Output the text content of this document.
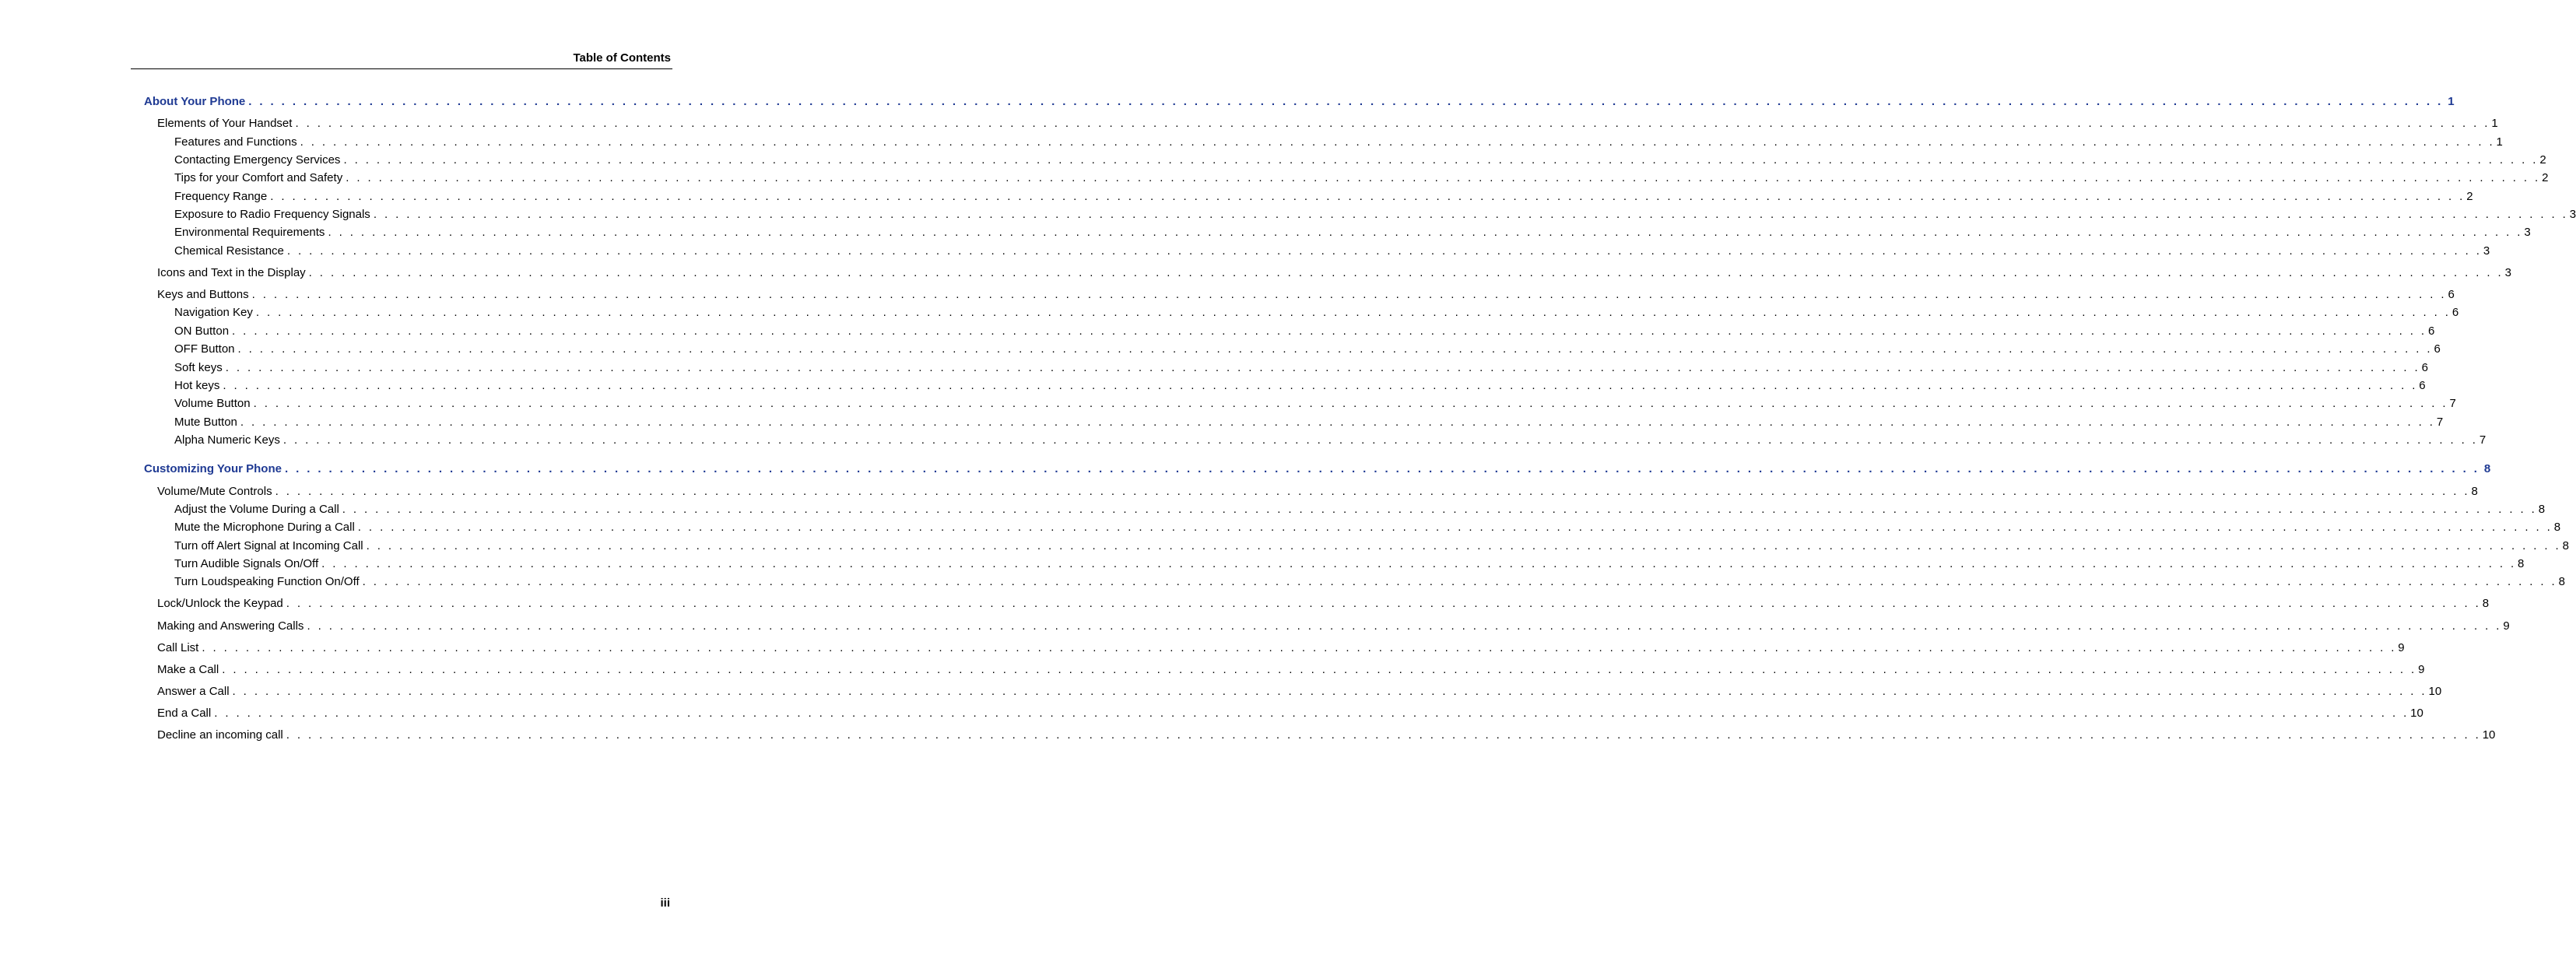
Table of Contents
About Your Phone . . . . . . . . . . . . . . . . . . . . . . . . . . . . . . . . . . . . . . . . . . . . . . . . . . . . . . . . . . . . . . . . . . . . . . . . . . . . . . . . . . . . . . . . . . . . . . . . . . . . . . . . . . . . . . . . . . . . . . . . . . . . . . . . . . . . . . . . . . . . . . . . . . . . . . . . . . . . . . . . . . . . . . . . . . . . . . . . . . . . . . . . . . . . . . . . . . . . . . . . 1
Elements of Your Handset . . . . . . . . . . . . . . . . . . . . . . . . . . . . . . . . . . . . . . . . . . . . . . . . . . . . . . . . . . . . . . . . . . . . . . . . . . . . . . . . . . . . . . . . . . . . . . . . . . . . . . . . . . . . . . . . . . . . . . . . . . . . . . . . . . . . . . . . . . . . . . . . . . . . . . . . . . . . . . . . . . . . . . . . . . . . . . . . . . . . . . . . . . . . . . . . . . . . . . . . 1
Features and Functions . . . . . . . . . . . . . . . . . . . . . . . . . . . . . . . . . . . . . . . . . . . . . . . . . . . . . . . . . . . . . . . . . . . . . . . . . . . . . . . . . . . . . . . . . . . . . . . . . . . . . . . . . . . . . . . . . . . . . . . . . . . . . . . . . . . . . . . . . . . . . . . . . . . . . . . . . . . . . . . . . . . . . . . . . . . . . . . . . . . . . . . . . . . . . . . . . . . . . . . . 1
Contacting Emergency Services . . . . . . . . . . . . . . . . . . . . . . . . . . . . . . . . . . . . . . . . . . . . . . . . . . . . . . . . . . . . . . . . . . . . . . . . . . . . . . . . . . . . . . . . . . . . . . . . . . . . . . . . . . . . . . . . . . . . . . . . . . . . . . . . . . . . . . . . . . . . . . . . . . . . . . . . . . . . . . . . . . . . . . . . . . . . . . . . . . . . . . . . . . . . . . . . . . . . . . . . 2
Tips for your Comfort and Safety . . . . . . . . . . . . . . . . . . . . . . . . . . . . . . . . . . . . . . . . . . . . . . . . . . . . . . . . . . . . . . . . . . . . . . . . . . . . . . . . . . . . . . . . . . . . . . . . . . . . . . . . . . . . . . . . . . . . . . . . . . . . . . . . . . . . . . . . . . . . . . . . . . . . . . . . . . . . . . . . . . . . . . . . . . . . . . . . . . . . . . . . . . . . . . . . . . . . . . . . 2
Frequency Range . . . . . . . . . . . . . . . . . . . . . . . . . . . . . . . . . . . . . . . . . . . . . . . . . . . . . . . . . . . . . . . . . . . . . . . . . . . . . . . . . . . . . . . . . . . . . . . . . . . . . . . . . . . . . . . . . . . . . . . . . . . . . . . . . . . . . . . . . . . . . . . . . . . . . . . . . . . . . . . . . . . . . . . . . . . . . . . . . . . . . . . . . . . . . . . . . . . . . . . . 2
Exposure to Radio Frequency Signals . . . . . . . . . . . . . . . . . . . . . . . . . . . . . . . . . . . . . . . . . . . . . . . . . . . . . . . . . . . . . . . . . . . . . . . . . . . . . . . . . . . . . . . . . . . . . . . . . . . . . . . . . . . . . . . . . . . . . . . . . . . . . . . . . . . . . . . . . . . . . . . . . . . . . . . . . . . . . . . . . . . . . . . . . . . . . . . . . . . . . . . . . . . . . . . . . . . . . . . . 3
Environmental Requirements . . . . . . . . . . . . . . . . . . . . . . . . . . . . . . . . . . . . . . . . . . . . . . . . . . . . . . . . . . . . . . . . . . . . . . . . . . . . . . . . . . . . . . . . . . . . . . . . . . . . . . . . . . . . . . . . . . . . . . . . . . . . . . . . . . . . . . . . . . . . . . . . . . . . . . . . . . . . . . . . . . . . . . . . . . . . . . . . . . . . . . . . . . . . . . . . . . . . . . . . 3
Chemical Resistance . . . . . . . . . . . . . . . . . . . . . . . . . . . . . . . . . . . . . . . . . . . . . . . . . . . . . . . . . . . . . . . . . . . . . . . . . . . . . . . . . . . . . . . . . . . . . . . . . . . . . . . . . . . . . . . . . . . . . . . . . . . . . . . . . . . . . . . . . . . . . . . . . . . . . . . . . . . . . . . . . . . . . . . . . . . . . . . . . . . . . . . . . . . . . . . . . . . . . . . . 3
Icons and Text in the Display . . . . . . . . . . . . . . . . . . . . . . . . . . . . . . . . . . . . . . . . . . . . . . . . . . . . . . . . . . . . . . . . . . . . . . . . . . . . . . . . . . . . . . . . . . . . . . . . . . . . . . . . . . . . . . . . . . . . . . . . . . . . . . . . . . . . . . . . . . . . . . . . . . . . . . . . . . . . . . . . . . . . . . . . . . . . . . . . . . . . . . . . . . . . . . . . . . . . . . . . 3
Keys and Buttons . . . . . . . . . . . . . . . . . . . . . . . . . . . . . . . . . . . . . . . . . . . . . . . . . . . . . . . . . . . . . . . . . . . . . . . . . . . . . . . . . . . . . . . . . . . . . . . . . . . . . . . . . . . . . . . . . . . . . . . . . . . . . . . . . . . . . . . . . . . . . . . . . . . . . . . . . . . . . . . . . . . . . . . . . . . . . . . . . . . . . . . . . . . . . . . . . . . . . . . . 6
Navigation Key . . . . . . . . . . . . . . . . . . . . . . . . . . . . . . . . . . . . . . . . . . . . . . . . . . . . . . . . . . . . . . . . . . . . . . . . . . . . . . . . . . . . . . . . . . . . . . . . . . . . . . . . . . . . . . . . . . . . . . . . . . . . . . . . . . . . . . . . . . . . . . . . . . . . . . . . . . . . . . . . . . . . . . . . . . . . . . . . . . . . . . . . . . . . . . . . . . . . . . . . 6
ON Button . . . . . . . . . . . . . . . . . . . . . . . . . . . . . . . . . . . . . . . . . . . . . . . . . . . . . . . . . . . . . . . . . . . . . . . . . . . . . . . . . . . . . . . . . . . . . . . . . . . . . . . . . . . . . . . . . . . . . . . . . . . . . . . . . . . . . . . . . . . . . . . . . . . . . . . . . . . . . . . . . . . . . . . . . . . . . . . . . . . . . . . . . . . . . . . . . . . . . . . . 6
OFF Button . . . . . . . . . . . . . . . . . . . . . . . . . . . . . . . . . . . . . . . . . . . . . . . . . . . . . . . . . . . . . . . . . . . . . . . . . . . . . . . . . . . . . . . . . . . . . . . . . . . . . . . . . . . . . . . . . . . . . . . . . . . . . . . . . . . . . . . . . . . . . . . . . . . . . . . . . . . . . . . . . . . . . . . . . . . . . . . . . . . . . . . . . . . . . . . . . . . . . . . . 6
Soft keys . . . . . . . . . . . . . . . . . . . . . . . . . . . . . . . . . . . . . . . . . . . . . . . . . . . . . . . . . . . . . . . . . . . . . . . . . . . . . . . . . . . . . . . . . . . . . . . . . . . . . . . . . . . . . . . . . . . . . . . . . . . . . . . . . . . . . . . . . . . . . . . . . . . . . . . . . . . . . . . . . . . . . . . . . . . . . . . . . . . . . . . . . . . . . . . . . . . . . . . . 6
Hot keys . . . . . . . . . . . . . . . . . . . . . . . . . . . . . . . . . . . . . . . . . . . . . . . . . . . . . . . . . . . . . . . . . . . . . . . . . . . . . . . . . . . . . . . . . . . . . . . . . . . . . . . . . . . . . . . . . . . . . . . . . . . . . . . . . . . . . . . . . . . . . . . . . . . . . . . . . . . . . . . . . . . . . . . . . . . . . . . . . . . . . . . . . . . . . . . . . . . . . . . . 6
Volume Button . . . . . . . . . . . . . . . . . . . . . . . . . . . . . . . . . . . . . . . . . . . . . . . . . . . . . . . . . . . . . . . . . . . . . . . . . . . . . . . . . . . . . . . . . . . . . . . . . . . . . . . . . . . . . . . . . . . . . . . . . . . . . . . . . . . . . . . . . . . . . . . . . . . . . . . . . . . . . . . . . . . . . . . . . . . . . . . . . . . . . . . . . . . . . . . . . . . . . . . . 7
Mute Button . . . . . . . . . . . . . . . . . . . . . . . . . . . . . . . . . . . . . . . . . . . . . . . . . . . . . . . . . . . . . . . . . . . . . . . . . . . . . . . . . . . . . . . . . . . . . . . . . . . . . . . . . . . . . . . . . . . . . . . . . . . . . . . . . . . . . . . . . . . . . . . . . . . . . . . . . . . . . . . . . . . . . . . . . . . . . . . . . . . . . . . . . . . . . . . . . . . . . . . . 7
Alpha Numeric Keys . . . . . . . . . . . . . . . . . . . . . . . . . . . . . . . . . . . . . . . . . . . . . . . . . . . . . . . . . . . . . . . . . . . . . . . . . . . . . . . . . . . . . . . . . . . . . . . . . . . . . . . . . . . . . . . . . . . . . . . . . . . . . . . . . . . . . . . . . . . . . . . . . . . . . . . . . . . . . . . . . . . . . . . . . . . . . . . . . . . . . . . . . . . . . . . . . . . . . . . . 7
Customizing Your Phone . . . . . . . . . . . . . . . . . . . . . . . . . . . . . . . . . . . . . . . . . . . . . . . . . . . . . . . . . . . . . . . . . . . . . . . . . . . . . . . . . . . . . . . . . . . . . . . . . . . . . . . . . . . . . . . . . . . . . . . . . . . . . . . . . . . . . . . . . . . . . . . . . . . . . . . . . . . . . . . . . . . . . . . . . . . . . . . . . . . . . . . . . . . . . . . . . . . . . . . . 8
Volume/Mute Controls . . . . . . . . . . . . . . . . . . . . . . . . . . . . . . . . . . . . . . . . . . . . . . . . . . . . . . . . . . . . . . . . . . . . . . . . . . . . . . . . . . . . . . . . . . . . . . . . . . . . . . . . . . . . . . . . . . . . . . . . . . . . . . . . . . . . . . . . . . . . . . . . . . . . . . . . . . . . . . . . . . . . . . . . . . . . . . . . . . . . . . . . . . . . . . . . . . . . . . . . 8
Adjust the Volume During a Call . . . . . . . . . . . . . . . . . . . . . . . . . . . . . . . . . . . . . . . . . . . . . . . . . . . . . . . . . . . . . . . . . . . . . . . . . . . . . . . . . . . . . . . . . . . . . . . . . . . . . . . . . . . . . . . . . . . . . . . . . . . . . . . . . . . . . . . . . . . . . . . . . . . . . . . . . . . . . . . . . . . . . . . . . . . . . . . . . . . . . . . . . . . . . . . . . . . . . . . . 8
Mute the Microphone During a Call . . . . . . . . . . . . . . . . . . . . . . . . . . . . . . . . . . . . . . . . . . . . . . . . . . . . . . . . . . . . . . . . . . . . . . . . . . . . . . . . . . . . . . . . . . . . . . . . . . . . . . . . . . . . . . . . . . . . . . . . . . . . . . . . . . . . . . . . . . . . . . . . . . . . . . . . . . . . . . . . . . . . . . . . . . . . . . . . . . . . . . . . . . . . . . . . . . . . . . . . 8
Turn off Alert Signal at Incoming Call . . . . . . . . . . . . . . . . . . . . . . . . . . . . . . . . . . . . . . . . . . . . . . . . . . . . . . . . . . . . . . . . . . . . . . . . . . . . . . . . . . . . . . . . . . . . . . . . . . . . . . . . . . . . . . . . . . . . . . . . . . . . . . . . . . . . . . . . . . . . . . . . . . . . . . . . . . . . . . . . . . . . . . . . . . . . . . . . . . . . . . . . . . . . . . . . . . . . . . . . 8
Turn Audible Signals On/Off . . . . . . . . . . . . . . . . . . . . . . . . . . . . . . . . . . . . . . . . . . . . . . . . . . . . . . . . . . . . . . . . . . . . . . . . . . . . . . . . . . . . . . . . . . . . . . . . . . . . . . . . . . . . . . . . . . . . . . . . . . . . . . . . . . . . . . . . . . . . . . . . . . . . . . . . . . . . . . . . . . . . . . . . . . . . . . . . . . . . . . . . . . . . . . . . . . . . . . . . 8
Turn Loudspeaking Function On/Off . . . . . . . . . . . . . . . . . . . . . . . . . . . . . . . . . . . . . . . . . . . . . . . . . . . . . . . . . . . . . . . . . . . . . . . . . . . . . . . . . . . . . . . . . . . . . . . . . . . . . . . . . . . . . . . . . . . . . . . . . . . . . . . . . . . . . . . . . . . . . . . . . . . . . . . . . . . . . . . . . . . . . . . . . . . . . . . . . . . . . . . . . . . . . . . . . . . . . . . . 8
Lock/Unlock the Keypad . . . . . . . . . . . . . . . . . . . . . . . . . . . . . . . . . . . . . . . . . . . . . . . . . . . . . . . . . . . . . . . . . . . . . . . . . . . . . . . . . . . . . . . . . . . . . . . . . . . . . . . . . . . . . . . . . . . . . . . . . . . . . . . . . . . . . . . . . . . . . . . . . . . . . . . . . . . . . . . . . . . . . . . . . . . . . . . . . . . . . . . . . . . . . . . . . . . . . . . . 8
Making and Answering Calls . . . . . . . . . . . . . . . . . . . . . . . . . . . . . . . . . . . . . . . . . . . . . . . . . . . . . . . . . . . . . . . . . . . . . . . . . . . . . . . . . . . . . . . . . . . . . . . . . . . . . . . . . . . . . . . . . . . . . . . . . . . . . . . . . . . . . . . . . . . . . . . . . . . . . . . . . . . . . . . . . . . . . . . . . . . . . . . . . . . . . . . . . . . . . . . . . . . . . . . . 9
Call List . . . . . . . . . . . . . . . . . . . . . . . . . . . . . . . . . . . . . . . . . . . . . . . . . . . . . . . . . . . . . . . . . . . . . . . . . . . . . . . . . . . . . . . . . . . . . . . . . . . . . . . . . . . . . . . . . . . . . . . . . . . . . . . . . . . . . . . . . . . . . . . . . . . . . . . . . . . . . . . . . . . . . . . . . . . . . . . . . . . . . . . . . . . . . . . . . . . . . . . . 9
Make a Call . . . . . . . . . . . . . . . . . . . . . . . . . . . . . . . . . . . . . . . . . . . . . . . . . . . . . . . . . . . . . . . . . . . . . . . . . . . . . . . . . . . . . . . . . . . . . . . . . . . . . . . . . . . . . . . . . . . . . . . . . . . . . . . . . . . . . . . . . . . . . . . . . . . . . . . . . . . . . . . . . . . . . . . . . . . . . . . . . . . . . . . . . . . . . . . . . . . . . . . . 9
Answer a Call . . . . . . . . . . . . . . . . . . . . . . . . . . . . . . . . . . . . . . . . . . . . . . . . . . . . . . . . . . . . . . . . . . . . . . . . . . . . . . . . . . . . . . . . . . . . . . . . . . . . . . . . . . . . . . . . . . . . . . . . . . . . . . . . . . . . . . . . . . . . . . . . . . . . . . . . . . . . . . . . . . . . . . . . . . . . . . . . . . . . . . . . . . . . . . . . . . . . . . . . 10
End a Call . . . . . . . . . . . . . . . . . . . . . . . . . . . . . . . . . . . . . . . . . . . . . . . . . . . . . . . . . . . . . . . . . . . . . . . . . . . . . . . . . . . . . . . . . . . . . . . . . . . . . . . . . . . . . . . . . . . . . . . . . . . . . . . . . . . . . . . . . . . . . . . . . . . . . . . . . . . . . . . . . . . . . . . . . . . . . . . . . . . . . . . . . . . . . . . . . . . . . . . . 10
Decline an incoming call . . . . . . . . . . . . . . . . . . . . . . . . . . . . . . . . . . . . . . . . . . . . . . . . . . . . . . . . . . . . . . . . . . . . . . . . . . . . . . . . . . . . . . . . . . . . . . . . . . . . . . . . . . . . . . . . . . . . . . . . . . . . . . . . . . . . . . . . . . . . . . . . . . . . . . . . . . . . . . . . . . . . . . . . . . . . . . . . . . . . . . . . . . . . . . . . . . . . . . . . 10
iii
